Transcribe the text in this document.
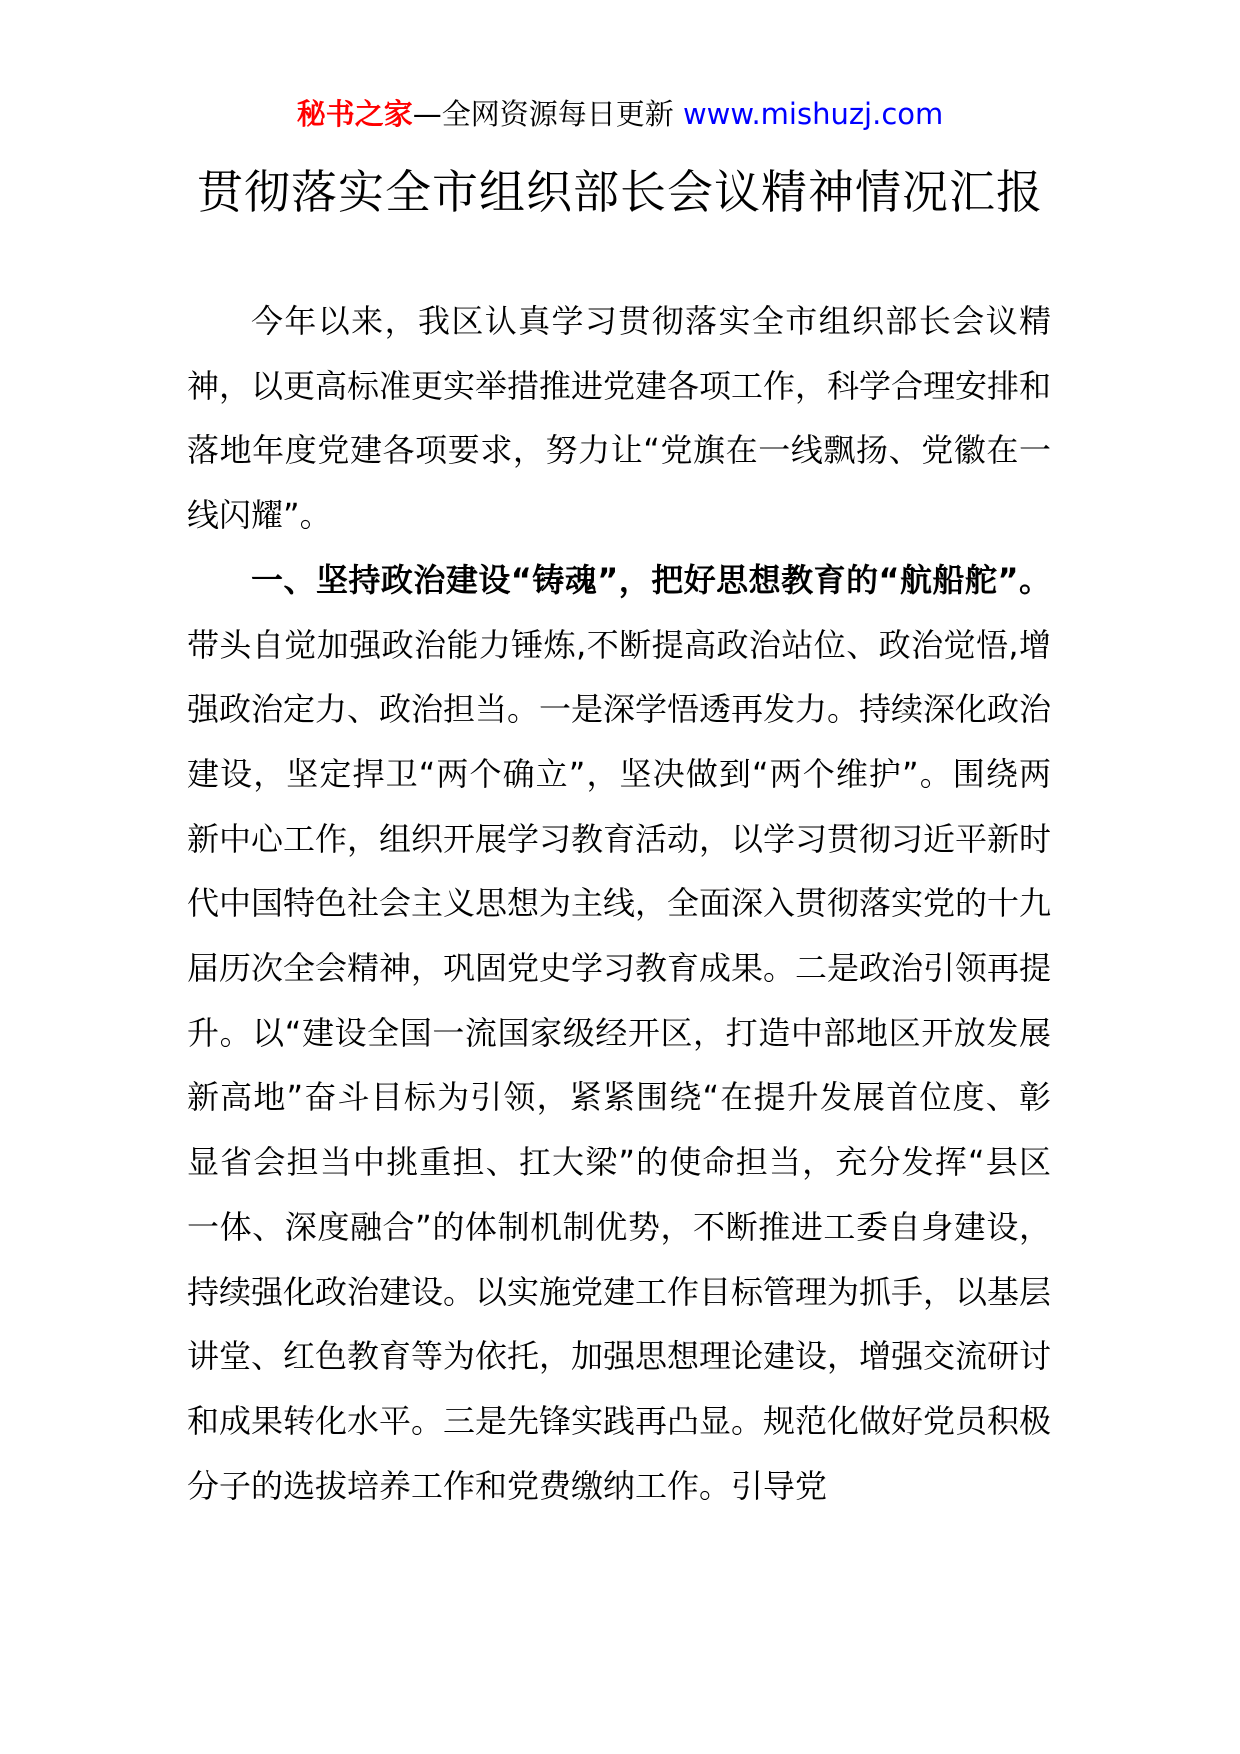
秘书之家—全网资源每日更新 www.mishuzj.com
贯彻落实全市组织部长会议精神情况汇报

今年以来，我区认真学习贯彻落实全市组织部长会议精神，以更高标准更实举措推进党建各项工作，科学合理安排和落地年度党建各项要求，努力让“党旗在一线飘扬、党徽在一线闪耀”。

一、坚持政治建设“铸魂”，把好思想教育的“航船舵”。带头自觉加强政治能力锤炼,不断提高政治站位、政治觉悟,增强政治定力、政治担当。一是深学悟透再发力。持续深化政治建设，坚定捍卫“两个确立”，坚决做到“两个维护”。围绕两新中心工作，组织开展学习教育活动，以学习贯彻习近平新时代中国特色社会主义思想为主线，全面深入贯彻落实党的十九届历次全会精神，巩固党史学习教育成果。二是政治引领再提升。以“建设全国一流国家级经开区，打造中部地区开放发展新高地”奋斗目标为引领，紧紧围绕“在提升发展首位度、彰显省会担当中挑重担、扛大梁”的使命担当，充分发挥“县区一体、深度融合”的体制机制优势，不断推进工委自身建设，持续强化政治建设。以实施党建工作目标管理为抓手，以基层讲堂、红色教育等为依托，加强思想理论建设，增强交流研讨和成果转化水平。三是先锋实践再凸显。规范化做好党员积极分子的选拔培养工作和党费缴纳工作。引导党
